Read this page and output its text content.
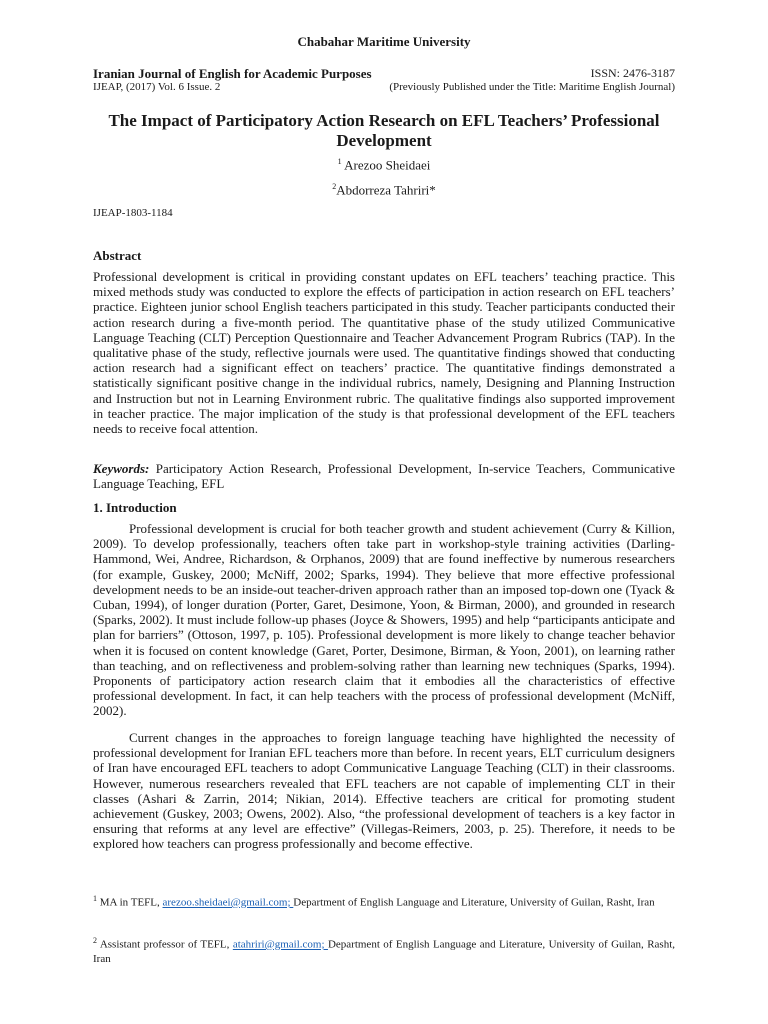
Chabahar Maritime University
Iranian Journal of English for Academic Purposes	ISSN: 2476-3187
IJEAP, (2017) Vol. 6 Issue. 2	(Previously Published under the Title: Maritime English Journal)
The Impact of Participatory Action Research on EFL Teachers’ Professional Development
$^1$ Arezoo Sheidaei
$^2$Abdorreza Tahriri*
IJEAP-1803-1184
Abstract

Professional development is critical in providing constant updates on EFL teachers’ teaching practice. This mixed methods study was conducted to explore the effects of participation in action research on EFL teachers’ practice. Eighteen junior school English teachers participated in this study. Teacher participants conducted their action research during a five-month period. The quantitative phase of the study utilized Communicative Language Teaching (CLT) Perception Questionnaire and Teacher Advancement Program Rubrics (TAP). In the qualitative phase of the study, reflective journals were used. The quantitative findings showed that conducting action research had a significant effect on teachers’ practice. The quantitative findings demonstrated a statistically significant positive change in the individual rubrics, namely, Designing and Planning Instruction and Instruction but not in Learning Environment rubric. The qualitative findings also supported improvement in teacher practice. The major implication of the study is that professional development of the EFL teachers needs to receive focal attention.

Keywords: Participatory Action Research, Professional Development, In-service Teachers, Communicative Language Teaching, EFL

1. Introduction

Professional development is crucial for both teacher growth and student achievement (Curry & Killion, 2009). To develop professionally, teachers often take part in workshop-style training activities (Darling-Hammond, Wei, Andree, Richardson, & Orphanos, 2009) that are found ineffective by numerous researchers (for example, Guskey, 2000; McNiff, 2002; Sparks, 1994). They believe that more effective professional development needs to be an inside-out teacher-driven approach rather than an imposed top-down one (Tyack & Cuban, 1994), of longer duration (Porter, Garet, Desimone, Yoon, & Birman, 2000), and grounded in research (Sparks, 2002). It must include follow-up phases (Joyce & Showers, 1995) and help “participants anticipate and plan for barriers” (Ottoson, 1997, p. 105). Professional development is more likely to change teacher behavior when it is focused on content knowledge (Garet, Porter, Desimone, Birman, & Yoon, 2001), on learning rather than teaching, and on reflectiveness and problem-solving rather than learning new techniques (Sparks, 1994). Proponents of participatory action research claim that it embodies all the characteristics of effective professional development. In fact, it can help teachers with the process of professional development (McNiff, 2002).

Current changes in the approaches to foreign language teaching have highlighted the necessity of professional development for Iranian EFL teachers more than before. In recent years, ELT curriculum designers of Iran have encouraged EFL teachers to adopt Communicative Language Teaching (CLT) in their classrooms. However, numerous researchers revealed that EFL teachers are not capable of implementing CLT in their classes (Ashari & Zarrin, 2014; Nikian, 2014). Effective teachers are critical for promoting student achievement (Guskey, 2003; Owens, 2002). Also, “the professional development of teachers is a key factor in ensuring that reforms at any level are effective” (Villegas-Reimers, 2003, p. 25). Therefore, it needs to be explored how teachers can progress professionally and become effective.

$^1$ MA in TEFL, arezoo.sheidaei@gmail.com; Department of English Language and Literature, University of Guilan, Rasht, Iran

$^2$ Assistant professor of TEFL, atahriri@gmail.com; Department of English Language and Literature, University of Guilan, Rasht, Iran
